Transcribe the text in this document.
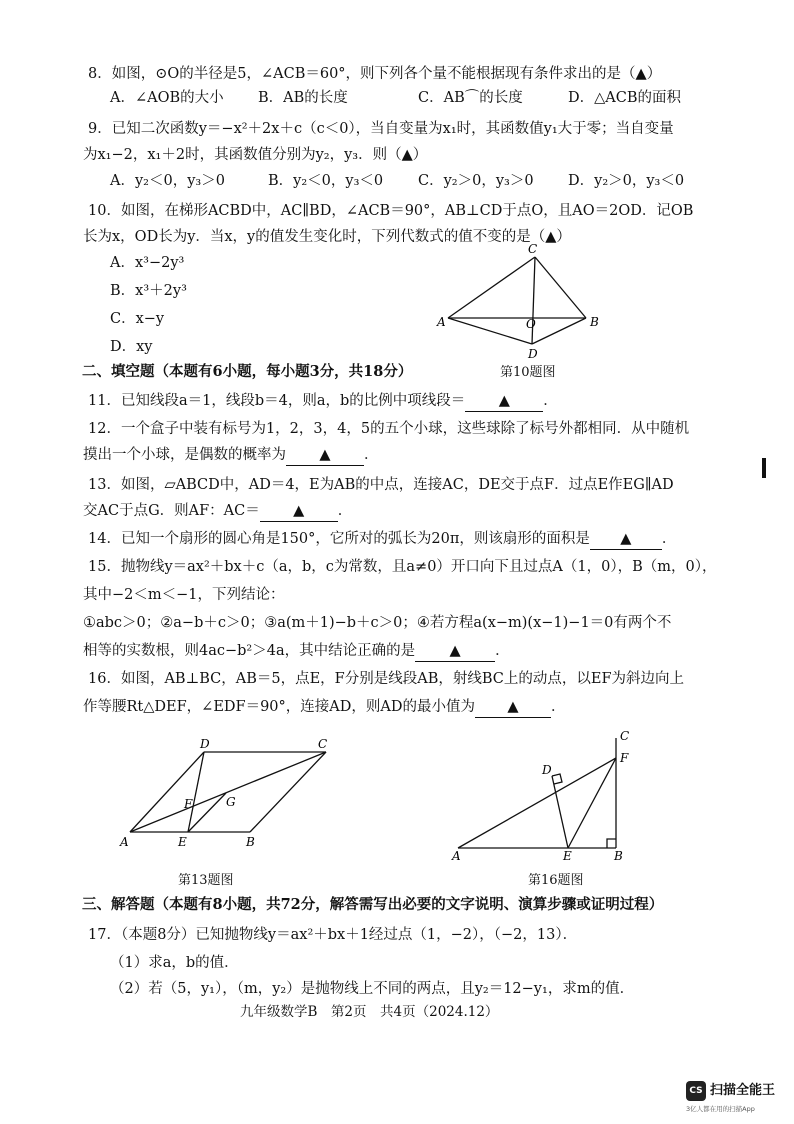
8．如图，⊙O的半径是5，∠ACB＝60°，则下列各个量不能根据现有条件求出的是（▲）
A．∠AOB的大小 B．AB的长度	C．AB⌒的长度	D．△ACB的面积
9．已知二次函数y＝−x²＋2x＋c（c＜0），当自变量为x₁时，其函数值y₁大于零；当自变量
为x₁−2，x₁＋2时，其函数值分别为y₂，y₃．则（▲）
A．y₂＜0，y₃＞0	B．y₂＜0，y₃＜0 C．y₂＞0，y₃＞0 D．y₂＞0，y₃＜0
10．如图，在梯形ACBD中，AC∥BD，∠ACB＝90°，AB⊥CD于点O，且AO＝2OD．记OB
长为x，OD长为y．当x，y的值发生变化时，下列代数式的值不变的是（▲）
A．x³−2y³
B．x³＋2y³
C．x−y
D．xy
C
A	B
O
D
第10题图
二、填空题（本题有6小题，每小题3分，共18分）
11．已知线段a＝1，线段b＝4，则a，b的比例中项线段＝ ▲ ．
12．一个盒子中装有标号为1，2，3，4，5的五个小球，这些球除了标号外都相同．从中随机
摸出一个小球，是偶数的概率为 ▲ ．
13．如图，▱ABCD中，AD＝4，E为AB的中点，连接AC，DE交于点F．过点E作EG∥AD
交AC于点G．则AF：AC＝ ▲ ．
14．已知一个扇形的圆心角是150°，它所对的弧长为20π，则该扇形的面积是 ▲ ．
15．抛物线y＝ax²＋bx＋c（a，b，c为常数，且a≠0）开口向下且过点A（1，0），B（m，0），
其中−2＜m＜−1，下列结论：
①abc＞0；②a−b＋c＞0；③a(m＋1)−b＋c＞0；④若方程a(x−m)(x−1)−1＝0有两个不
相等的实数根，则4ac−b²＞4a，其中结论正确的是 ▲ ．
16．如图，AB⊥BC，AB＝5，点E，F分别是线段AB，射线BC上的动点，以EF为斜边向上
作等腰Rt△DEF，∠EDF＝90°，连接AD，则AD的最小值为 ▲ ．
A	E	B
D	C
F	G
第13题图
C
F
D
A	E	B
第16题图
三、解答题（本题有8小题，共72分，解答需写出必要的文字说明、演算步骤或证明过程）
17．（本题8分）已知抛物线y＝ax²＋bx＋1经过点（1，−2），（−2，13）．
（1）求a，b的值．
（2）若（5，y₁），（m，y₂）是抛物线上不同的两点，且y₂＝12−y₁，求m的值．
九年级数学B　第2页　共4页（2024.12）
CS 扫描全能王
3亿人都在用的扫描App
